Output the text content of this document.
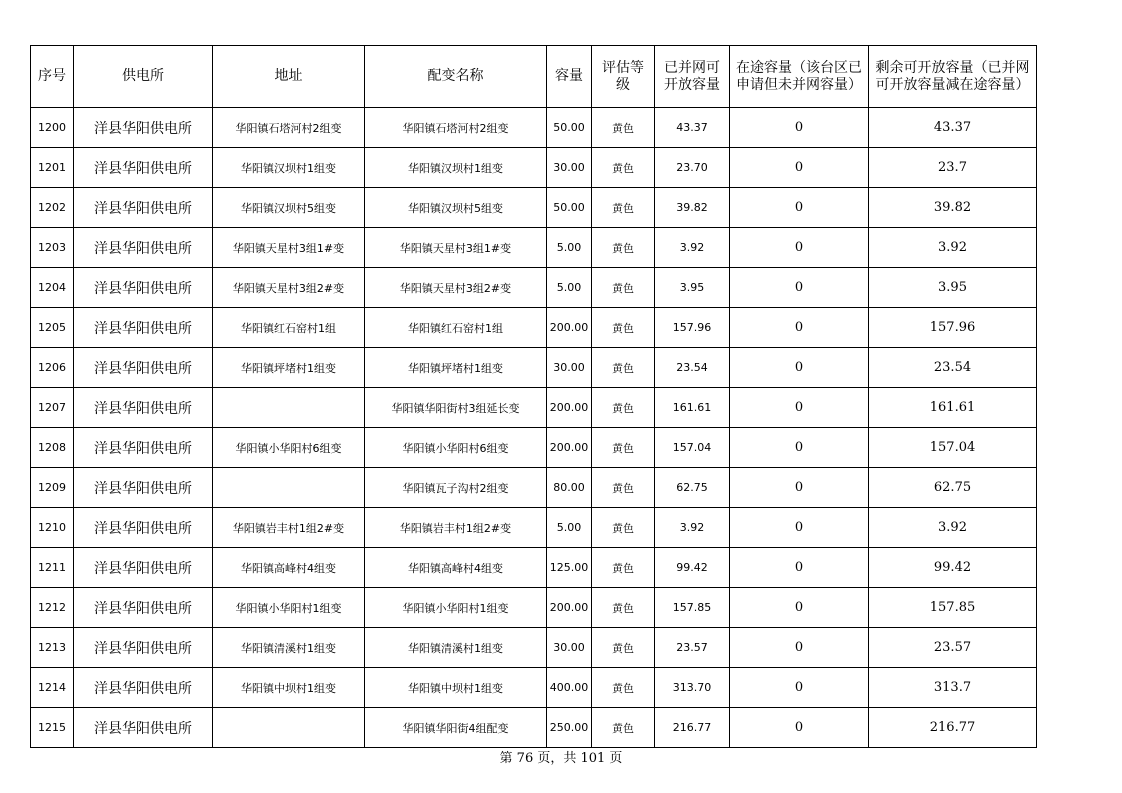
序号	供电所	地址	配变名称	容量	评估等级	已并网可开放容量	在途容量（该台区已申请但未并网容量）	剩余可开放容量（已并网可开放容量减在途容量）
1200	洋县华阳供电所	华阳镇石塔河村2组变	华阳镇石塔河村2组变	50.00	黄色	43.37	0	43.37
1201	洋县华阳供电所	华阳镇汉坝村1组变	华阳镇汉坝村1组变	30.00	黄色	23.70	0	23.7
1202	洋县华阳供电所	华阳镇汉坝村5组变	华阳镇汉坝村5组变	50.00	黄色	39.82	0	39.82
1203	洋县华阳供电所	华阳镇天星村3组1#变	华阳镇天星村3组1#变	5.00	黄色	3.92	0	3.92
1204	洋县华阳供电所	华阳镇天星村3组2#变	华阳镇天星村3组2#变	5.00	黄色	3.95	0	3.95
1205	洋县华阳供电所	华阳镇红石窑村1组	华阳镇红石窑村1组	200.00	黄色	157.96	0	157.96
1206	洋县华阳供电所	华阳镇坪堵村1组变	华阳镇坪堵村1组变	30.00	黄色	23.54	0	23.54
1207	洋县华阳供电所		华阳镇华阳街村3组延长变	200.00	黄色	161.61	0	161.61
1208	洋县华阳供电所	华阳镇小华阳村6组变	华阳镇小华阳村6组变	200.00	黄色	157.04	0	157.04
1209	洋县华阳供电所		华阳镇瓦子沟村2组变	80.00	黄色	62.75	0	62.75
1210	洋县华阳供电所	华阳镇岩丰村1组2#变	华阳镇岩丰村1组2#变	5.00	黄色	3.92	0	3.92
1211	洋县华阳供电所	华阳镇高峰村4组变	华阳镇高峰村4组变	125.00	黄色	99.42	0	99.42
1212	洋县华阳供电所	华阳镇小华阳村1组变	华阳镇小华阳村1组变	200.00	黄色	157.85	0	157.85
1213	洋县华阳供电所	华阳镇清溪村1组变	华阳镇清溪村1组变	30.00	黄色	23.57	0	23.57
1214	洋县华阳供电所	华阳镇中坝村1组变	华阳镇中坝村1组变	400.00	黄色	313.70	0	313.7
1215	洋县华阳供电所		华阳镇华阳街4组配变	250.00	黄色	216.77	0	216.77
第 76 页，共 101 页
